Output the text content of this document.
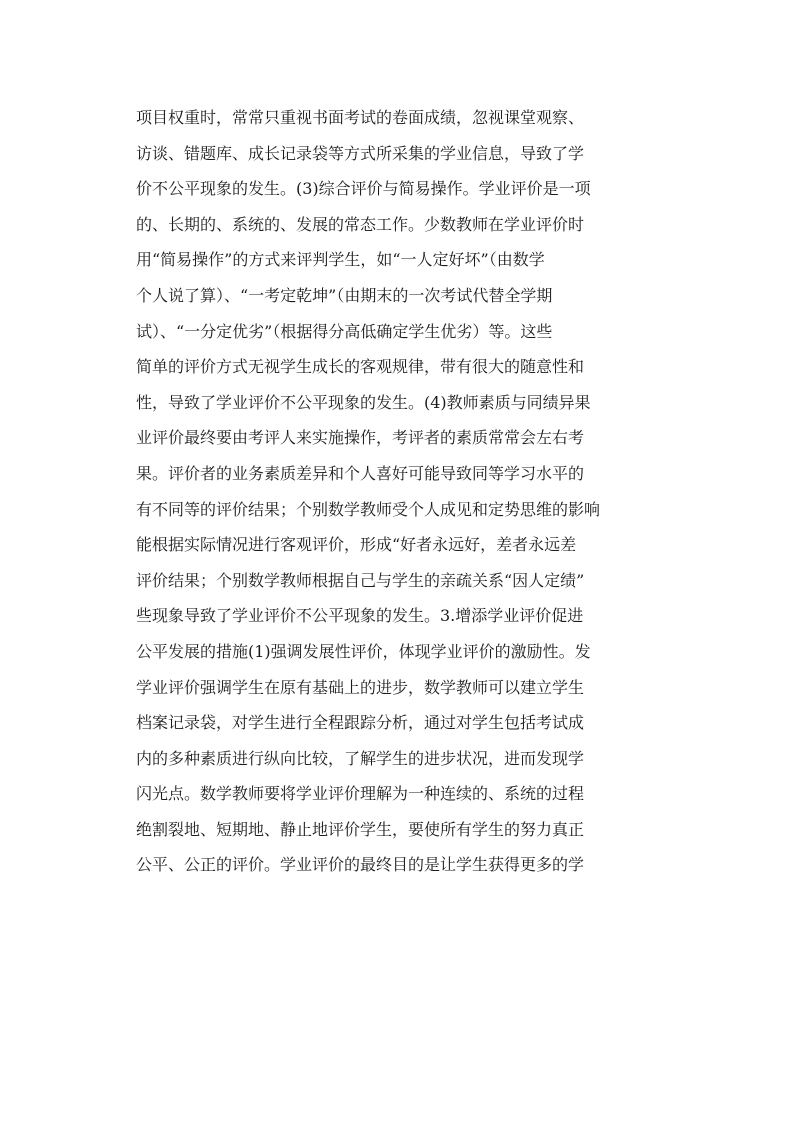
项目权重时，常常只重视书面考试的卷面成绩，忽视课堂观察、
访谈、错题库、成长记录袋等方式所采集的学业信息，导致了学
价不公平现象的发生。(3)综合评价与简易操作。学业评价是一项
的、长期的、系统的、发展的常态工作。少数教师在学业评价时
用“简易操作”的方式来评判学生，如“一人定好坏”（由数学
个人说了算）、“一考定乾坤”（由期末的一次考试代替全学期
试）、“一分定优劣”（根据得分高低确定学生优劣）等。这些
简单的评价方式无视学生成长的客观规律，带有很大的随意性和
性，导致了学业评价不公平现象的发生。(4)教师素质与同绩异果
业评价最终要由考评人来实施操作，考评者的素质常常会左右考
果。评价者的业务素质差异和个人喜好可能导致同等学习水平的
有不同等的评价结果；个别数学教师受个人成见和定势思维的影响
能根据实际情况进行客观评价，形成“好者永远好，差者永远差
评价结果；个别数学教师根据自己与学生的亲疏关系“因人定绩”
些现象导致了学业评价不公平现象的发生。3.增添学业评价促进
公平发展的措施(1)强调发展性评价，体现学业评价的激励性。发
学业评价强调学生在原有基础上的进步，数学教师可以建立学生
档案记录袋，对学生进行全程跟踪分析，通过对学生包括考试成
内的多种素质进行纵向比较，了解学生的进步状况，进而发现学
闪光点。数学教师要将学业评价理解为一种连续的、系统的过程
绝割裂地、短期地、静止地评价学生，要使所有学生的努力真正
公平、公正的评价。学业评价的最终目的是让学生获得更多的学
